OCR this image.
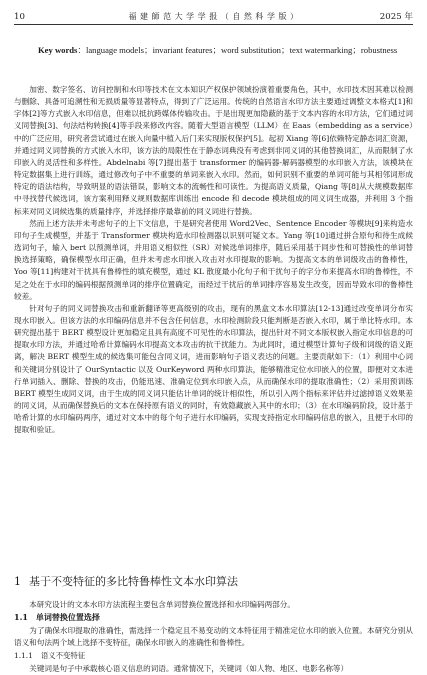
10	福 建 師 范 大 学 学 报 （ 自 然 科 学 版 ）	2025 年
Key words：language models；invariant features；word substitution；text watermarking；robustness

加密、数字签名、访问控制和水印等技术在文本知识产权保护领域扮演着重要角色，其中，水印技术因其难以检测与删除、具备可追溯性和无损质量等显著特点，得到了广泛运用。传统的自然语言水印方法主要通过调整文本格式[1]和字体[2]等方式嵌入水印信息，但难以抵抗跨媒体传输攻击。于是出现更加隐蔽的基于文本内容的水印方法，它们通过词义同替换[3]、句法结构转换[4]等手段来修改内容。随着大型语言模型（LLM）在 Eaas（embedding as a service）中的广泛应用，研究者尝试通过在嵌入向量中植入后门来实现版权保护[5]。起初 Xiang 等[6]依赖特定静态词汇资源，并通过同义词替换的方式嵌入水印，该方法的局限性在于静态词典没有考虑到非同义词的其他替换词汇，从而限制了水印嵌入的灵活性和多样性。Abdelnabi 等[7]提出基于 transformer 的编码器-解码器模型的水印嵌入方法，该模块在特定数据集上进行训练，通过修改句子中不重要的单词来嵌入水印。然而，如何识别不重要的单词可能与其相邻词形成特定的语法结构，导致明显的语法错误，影响文本的流畅性和可读性。为提高语义质量，Qiang 等[8]从大规模数据库中寻找替代候选词，该方案利用释义规则数据库训练出 encode 和 decode 模块组成的同义词生成器，并利用 3 个指标来对同义词候选集的质量排序，并选择排序最靠前的同义词进行替换。

然而上述方法并未考虑句子的上下文信息，于是研究者使用 Word2Vec、Sentence Encoder 等模块[9]来构造水印句子生成模型，并基于 Transformer 模块构造水印检测器以识别可疑文本。Yang 等[10]通过拼合原句和待生成候选词句子，输入 bert 以预测单词，并用语义相似性（SR）对候选单词排序，随后采用基于同步性和可替换性的单词替换选择策略，确保模型水印正确，但并未考虑水印嵌入攻击对水印提取的影响。为提高文本的单词级攻击的鲁棒性，Yoo 等[11]构建对干扰具有鲁棒性的填充模型，通过 KL 散度最小化句子和干扰句子的字分布来提高水印的鲁棒性，不足之处在于水印的编码根据预测单词的排序位置确定，而经过干扰后的单词排序容易发生改变，因而导致水印的鲁棒性较差。

针对句子的同义词替换攻击和重新翻译等更高级别的攻击，现有的黑盒文本水印算法[12-13]通过改变单词分布实现水印嵌入。但该方法的水印编码信息并不包含任何信息，水印检测阶段只能判断是否嵌入水印，属于单比特水印。本研究提出基于 BERT 模型设计更加稳定且具有高度不可见性的水印算法，提出针对不同文本版权嵌入指定水印信息的可提取水印方法，并通过哈希计算编码水印提高文本攻击的抗干扰能力。为此同时，通过模型计算句子级和词级的语义距离，解决 BERT 模型生成的候选集可能包含同义词，进而影响句子语义表达的问题。主要贡献如下：（1）利用中心词和关键词分别设计了 OurSyntactic 以及 OurKeyword 两种水印算法，能够精准定位水印嵌入的位置，即便对文本进行单词插入、删除、替换的攻击，仍能迅速、准确定位到水印嵌入点，从而确保水印的提取准确性；（2）采用预训练 BERT 模型生成同义词，由于生成的同义词只能估计单词的统计相似性，所以引入两个指标来评估并过滤掉语义效果差的同义词，从而确保替换后的文本在保持原有语义的同时，有效隐藏嵌入其中的水印；（3）在水印编码阶段，设计基于哈希计算的水印编码两序，通过对文本中的每个句子进行水印编码，实现支持指定水印编码信息的嵌入，且便于水印的提取和验证。

1 基于不变特征的多比特鲁棒性文本水印算法
本研究设计的文本水印方法流程主要包含单词替换位置选择和水印编码两部分。
1.1 单词替换位置选择
为了确保水印提取的准确性，需选择一个稳定且不易变动的文本特征用于精准定位水印的嵌入位置。本研究分别从语义和句法两个域上选择不变特征，确保水印嵌入的准确性和鲁棒性。
1.1.1 语义不变特征
关键词是句子中承载核心语义信息的词语。通常情况下，关键词（如人物、地区、电影名称等）
